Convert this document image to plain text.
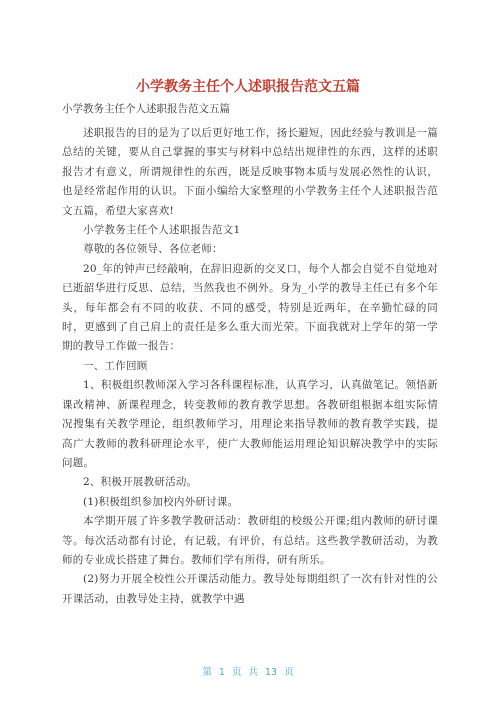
小学教务主任个人述职报告范文五篇
小学教务主任个人述职报告范文五篇

述职报告的目的是为了以后更好地工作，扬长避短，因此经验与教训是一篇总结的关键，要从自己掌握的事实与材料中总结出规律性的东西，这样的述职报告才有意义，所谓规律性的东西，既是反映事物本质与发展必然性的认识，也是经常起作用的认识。下面小编给大家整理的小学教务主任个人述职报告范文五篇，希望大家喜欢!

小学教务主任个人述职报告范文1

尊敬的各位领导、各位老师：

20_年的钟声已经敲响，在辞旧迎新的交叉口，每个人都会自觉不自觉地对已逝韶华进行反思、总结，当然我也不例外。身为_小学的教导主任已有多个年头，每年都会有不同的收获、不同的感受，特别是近两年，在辛勤忙碌的同时，更感到了自己肩上的责任是多么重大而光荣。下面我就对上学年的第一学期的教导工作做一报告：

一、工作回顾

1、积极组织教师深入学习各科课程标准，认真学习，认真做笔记。领悟新课改精神、新课程理念，转变教师的教育教学思想。各教研组根据本组实际情况搜集有关教学理论，组织教师学习，用理论来指导教师的教育教学实践，提高广大教师的教科研理论水平，使广大教师能运用理论知识解决教学中的实际问题。

2、积极开展教研活动。

(1)积极组织参加校内外研讨课。

本学期开展了许多教学教研活动：教研组的校级公开课;组内教师的研讨课等。每次活动都有讨论，有记载，有评价，有总结。这些教学教研活动，为教师的专业成长搭建了舞台。教师们学有所得，研有所乐。

(2)努力开展全校性公开课活动能力。教导处每期组织了一次有针对性的公开课活动，由教导处主持，就教学中遇

第 1 页 共 13 页
